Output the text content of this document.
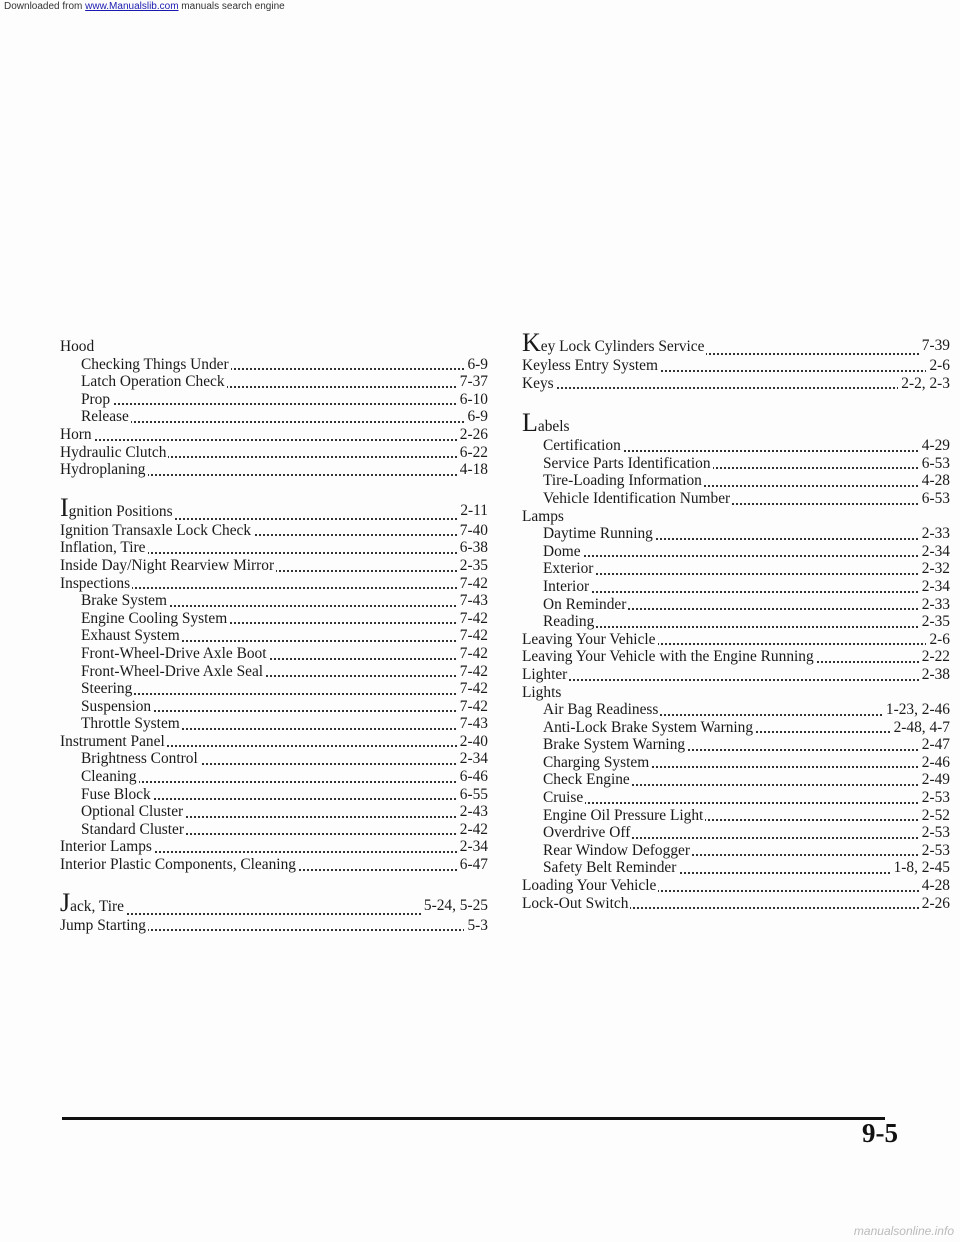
Downloaded from www.Manualslib.com manuals search engine
Hood
Checking Things Under	6-9
Latch Operation Check	7-37
Prop	6-10
Release	6-9
Horn	2-26
Hydraulic Clutch	6-22
Hydroplaning	4-18
Ignition Positions	2-11
Ignition Transaxle Lock Check	7-40
Inflation, Tire	6-38
Inside Day/Night Rearview Mirror	2-35
Inspections	7-42
Brake System	7-43
Engine Cooling System	7-42
Exhaust System	7-42
Front-Wheel-Drive Axle Boot	7-42
Front-Wheel-Drive Axle Seal	7-42
Steering	7-42
Suspension	7-42
Throttle System	7-43
Instrument Panel	2-40
Brightness Control	2-34
Cleaning	6-46
Fuse Block	6-55
Optional Cluster	2-43
Standard Cluster	2-42
Interior Lamps	2-34
Interior Plastic Components, Cleaning	6-47
Jack, Tire	5-24, 5-25
Jump Starting	5-3
Key Lock Cylinders Service	7-39
Keyless Entry System	2-6
Keys	2-2, 2-3
Labels
Certification	4-29
Service Parts Identification	6-53
Tire-Loading Information	4-28
Vehicle Identification Number	6-53
Lamps
Daytime Running	2-33
Dome	2-34
Exterior	2-32
Interior	2-34
On Reminder	2-33
Reading	2-35
Leaving Your Vehicle	2-6
Leaving Your Vehicle with the Engine Running	2-22
Lighter	2-38
Lights
Air Bag Readiness	1-23, 2-46
Anti-Lock Brake System Warning	2-48, 4-7
Brake System Warning	2-47
Charging System	2-46
Check Engine	2-49
Cruise	2-53
Engine Oil Pressure Light	2-52
Overdrive Off	2-53
Rear Window Defogger	2-53
Safety Belt Reminder	1-8, 2-45
Loading Your Vehicle	4-28
Lock-Out Switch	2-26
9-5
manualsonline.info
